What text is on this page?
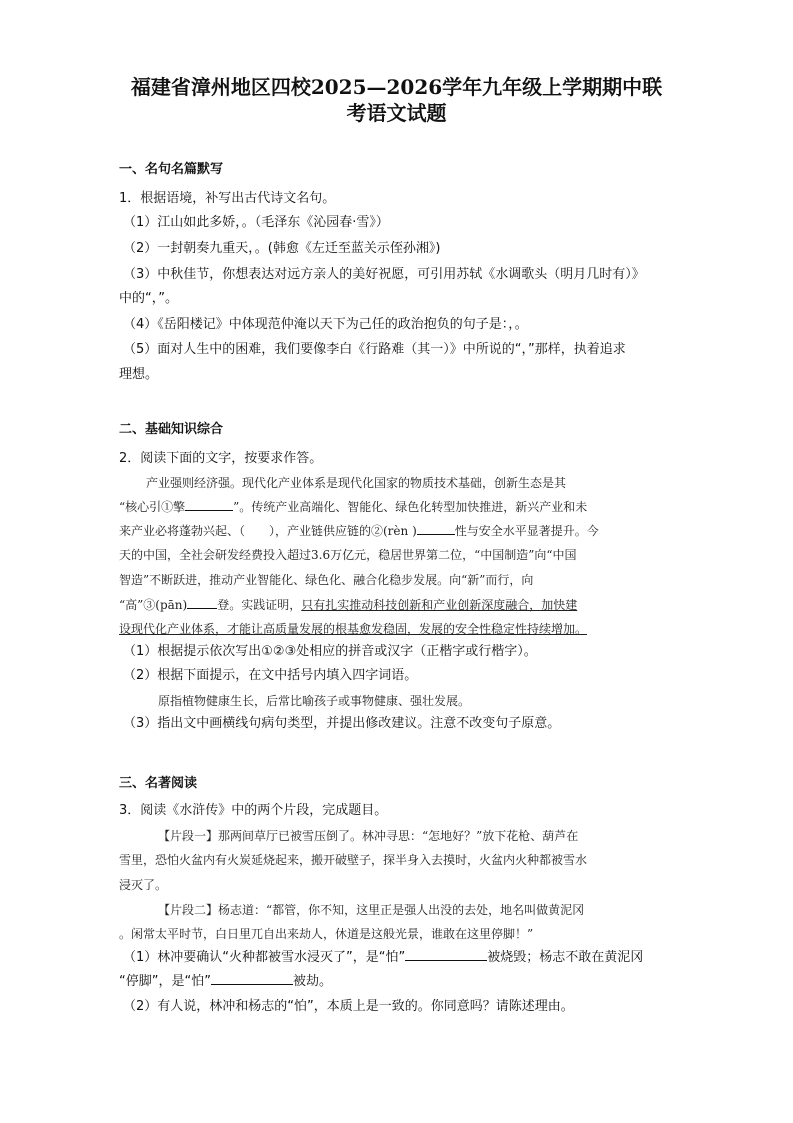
福建省漳州地区四校2025—2026学年九年级上学期期中联
考语文试题
一、名句名篇默写
1．根据语境，补写出古代诗文名句。
（1）江山如此多娇，。（毛泽东《沁园春·雪》）
（2）一封朝奏九重天，。(韩愈《左迁至蓝关示侄孙湘》)
（3）中秋佳节，你想表达对远方亲人的美好祝愿，可引用苏轼《水调歌头（明月几时有）》
中的“，”。
（4）《岳阳楼记》中体现范仲淹以天下为己任的政治抱负的句子是：，。
（5）面对人生中的困难，我们要像李白《行路难（其一）》中所说的“，”那样，执着追求
理想。
二、基础知识综合
2．阅读下面的文字，按要求作答。
产业强则经济强。现代化产业体系是现代化国家的物质技术基础，创新生态是其
“核心引①擎	”。传统产业高端化、智能化、绿色化转型加快推进，新兴产业和未
来产业必将蓬勃兴起、（　　），产业链供应链的②(rèn )	性与安全水平显著提升。今
天的中国，全社会研发经费投入超过3.6万亿元，稳居世界第二位，“中国制造”向“中国
智造”不断跃进，推动产业智能化、绿色化、融合化稳步发展。向“新”而行，向
“高”③(pān)	登。实践证明，只有扎实推动科技创新和产业创新深度融合，加快建
设现代化产业体系，才能让高质量发展的根基愈发稳固，发展的安全性稳定性持续增加。
（1）根据提示依次写出①②③处相应的拼音或汉字（正楷字或行楷字）。
（2）根据下面提示，在文中括号内填入四字词语。
原指植物健康生长，后常比喻孩子或事物健康、强壮发展。
（3）指出文中画横线句病句类型，并提出修改建议。注意不改变句子原意。
三、名著阅读
3．阅读《水浒传》中的两个片段，完成题目。
【片段一】那两间草厅已被雪压倒了。林冲寻思：“怎地好？”放下花枪、葫芦在
雪里，恐怕火盆内有火炭延烧起来，搬开破壁子，探半身入去摸时，火盆内火种都被雪水
浸灭了。
【片段二】杨志道：“都管，你不知，这里正是强人出没的去处，地名叫做黄泥冈
。闲常太平时节，白日里兀自出来劫人，休道是这般光景，谁敢在这里停脚！”
（1）林冲要确认“火种都被雪水浸灭了”，是“怕”	被烧毁；杨志不敢在黄泥冈
“停脚”，是“怕”	被劫。
（2）有人说，林冲和杨志的“怕”，本质上是一致的。你同意吗？请陈述理由。
